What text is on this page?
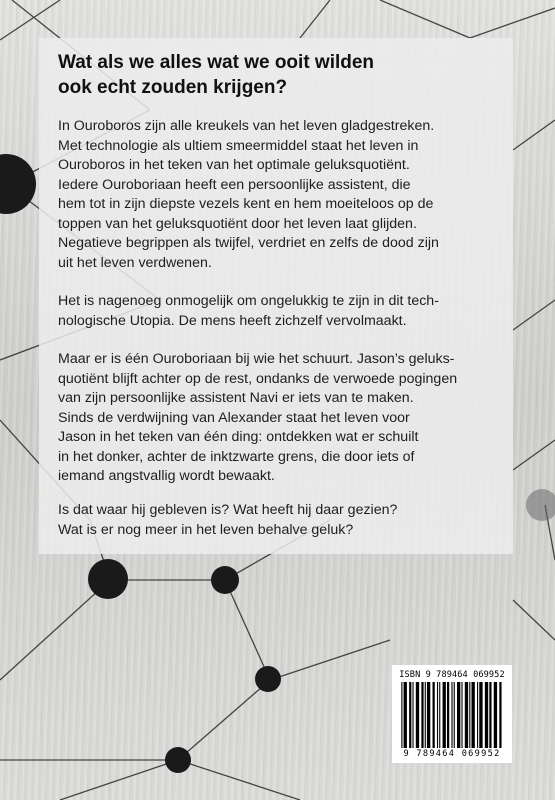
Wat als we alles wat we ooit wilden
ook echt zouden krijgen?

In Ouroboros zijn alle kreukels van het leven gladgestreken.
Met technologie als ultiem smeermiddel staat het leven in
Ouroboros in het teken van het optimale geluksquotiënt.
Iedere Ouroboriaan heeft een persoonlijke assistent, die
hem tot in zijn diepste vezels kent en hem moeiteloos op de
toppen van het geluksquotiënt door het leven laat glijden.
Negatieve begrippen als twijfel, verdriet en zelfs de dood zijn
uit het leven verdwenen.

Het is nagenoeg onmogelijk om ongelukkig te zijn in dit tech-
nologische Utopia. De mens heeft zichzelf vervolmaakt.

Maar er is één Ouroboriaan bij wie het schuurt. Jason’s geluks-
quotiënt blijft achter op de rest, ondanks de verwoede pogingen
van zijn persoonlijke assistent Navi er iets van te maken.
Sinds de verdwijning van Alexander staat het leven voor
Jason in het teken van één ding: ontdekken wat er schuilt
in het donker, achter de inktzwarte grens, die door iets of
iemand angstvallig wordt bewaakt.

Is dat waar hij gebleven is? Wat heeft hij daar gezien?
Wat is er nog meer in het leven behalve geluk?

ISBN 9 789464 069952
9 789464 069952
